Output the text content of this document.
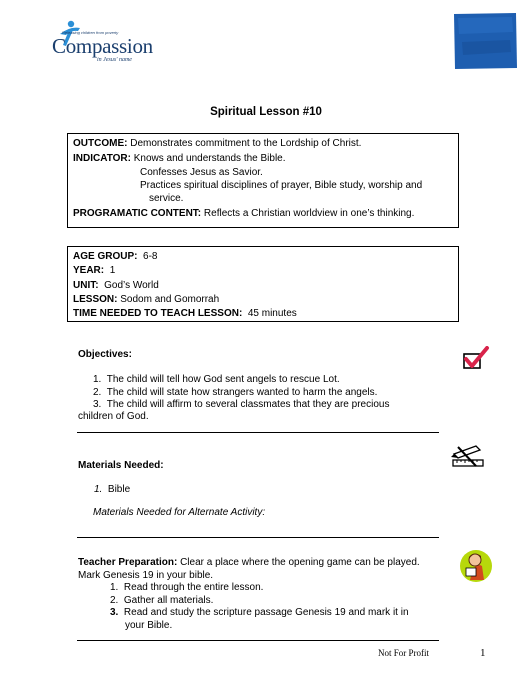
Releasing children from poverty
Compassion
in Jesus' name
Spiritual Lesson #10
OUTCOME: Demonstrates commitment to the Lordship of Christ.
INDICATOR: Knows and understands the Bible.
Confesses Jesus as Savior.
Practices spiritual disciplines of prayer, Bible study, worship and
service.
PROGRAMATIC CONTENT: Reflects a Christian worldview in one’s thinking.
AGE GROUP: 6-8
YEAR: 1
UNIT: God’s World
LESSON: Sodom and Gomorrah
TIME NEEDED TO TEACH LESSON: 45 minutes
Objectives:
1. The child will tell how God sent angels to rescue Lot.
2. The child will state how strangers wanted to harm the angels.
3. The child will affirm to several classmates that they are precious
children of God.
Materials Needed:
1. Bible
Materials Needed for Alternate Activity:
Teacher Preparation: Clear a place where the opening game can be played.
Mark Genesis 19 in your bible.
1. Read through the entire lesson.
2. Gather all materials.
3. Read and study the scripture passage Genesis 19 and mark it in
your Bible.
Not For Profit	1
